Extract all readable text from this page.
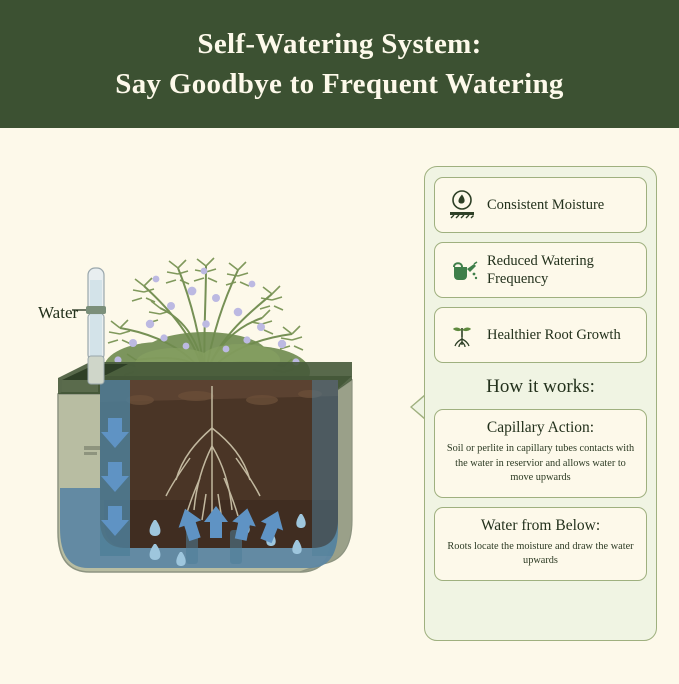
Self-Watering System:
Say Goodbye to Frequent Watering
Water
Consistent Moisture
Reduced Watering Frequency
Healthier Root Growth
How it works:
Capillary Action:
Soil or perlite in capillary tubes contacts with the water in reservior and allows water to move upwards
Water from Below:
Roots locate the moisture and draw the water upwards
